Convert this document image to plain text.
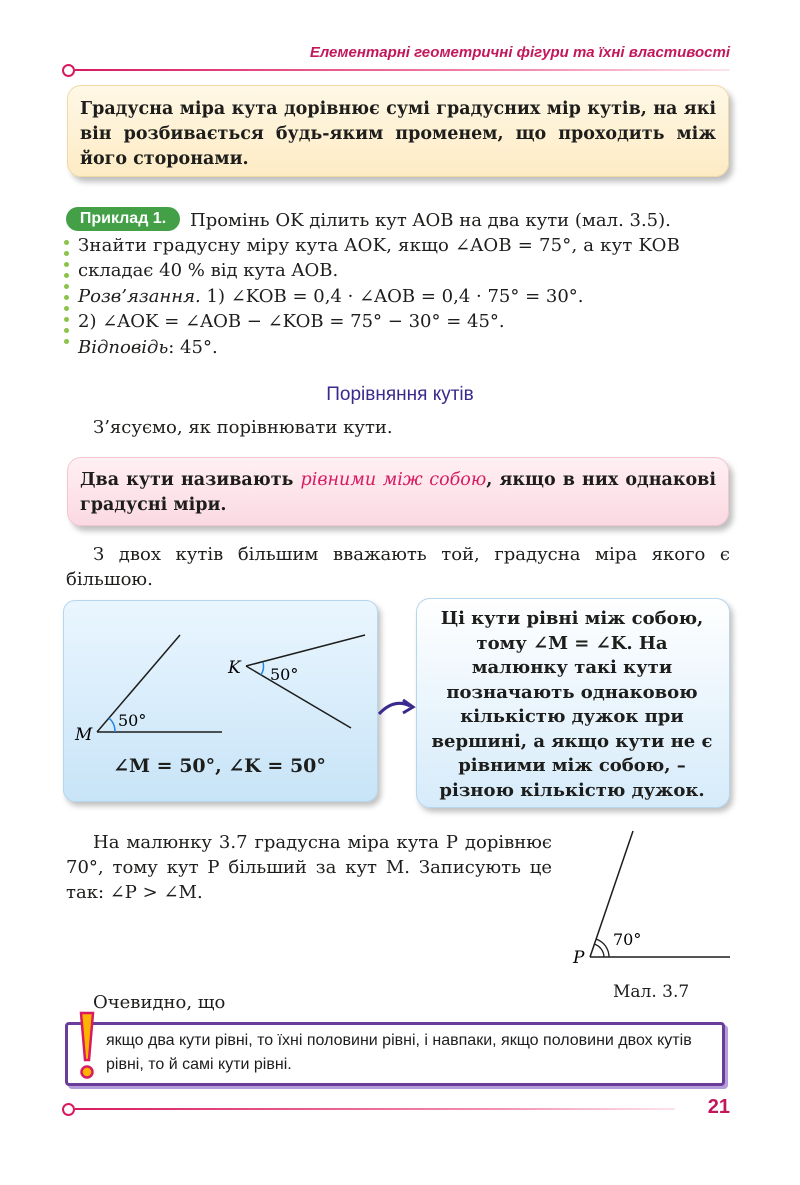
Елементарні геометричні фігури та їхні властивості
Градусна міра кута дорівнює сумі градусних мір кутів, на які він розбивається будь-яким променем, що проходить між його сторонами.
Приклад 1.	Промінь OK ділить кут AOB на два кути (мал. 3.5).
Знайти градусну міру кута AOK, якщо ∠AOB = 75°, а кут KOB
складає 40 % від кута AOB.
Розв’язання. 1) ∠KOB = 0,4 · ∠AOB = 0,4 · 75° = 30°.
2) ∠AOK = ∠AOB − ∠KOB = 75° − 30° = 45°.
Відповідь: 45°.
Порівняння кутів
З’ясуємо, як порівнювати кути.
Два кути називають рівними між собою, якщо в них однакові градусні міри.
З двох кутів більшим вважають той, градусна міра якого є більшою.
M
50°
K 50°
∠M = 50°, ∠K = 50°
Ці кути рівні між собою, тому ∠M = ∠K. На малюнку такі кути позначають однаковою кількістю дужок при вершині, а якщо кути не є рівними між собою, – різною кількістю дужок.
На малюнку 3.7 градусна міра кута P дорівнює 70°, тому кут P більший за кут M. Записують це так: ∠P > ∠M.
P
70°
Мал. 3.7
Очевидно, що
якщо два кути рівні, то їхні половини рівні, і навпаки, якщо половини двох кутів рівні, то й самі кути рівні.
21
